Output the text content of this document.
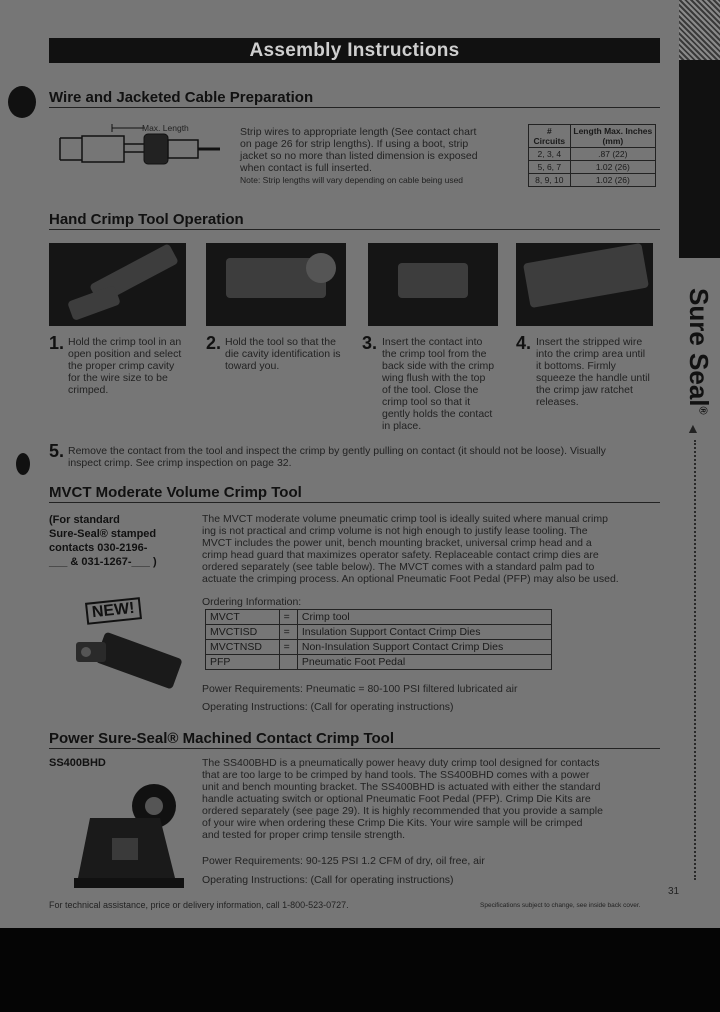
Sure Seal®
▲
Assembly Instructions
Wire and Jacketed Cable Preparation
Max. Length	Strip wires to appropriate length (See contact chart
on page 26 for strip lengths). If using a boot, strip
jacket so no more than listed dimension is exposed
when contact is full inserted.
Note: Strip lengths will vary depending on cable being used
# Circuits	Length Max. Inches (mm)
2, 3, 4	.87 (22)
5, 6, 7	1.02 (26)
8, 9, 10	1.02 (26)
Hand Crimp Tool Operation
1. Hold the crimp tool in an
open position and select
the proper crimp cavity
for the wire size to be
crimped.
2. Hold the tool so that the
die cavity identification is
toward you.
3. Insert the contact into
the crimp tool from the
back side with the crimp
wing flush with the top
of the tool. Close the
crimp tool so that it
gently holds the contact
in place.
4. Insert the stripped wire
into the crimp area until
it bottoms. Firmly
squeeze the handle until
the crimp jaw ratchet
releases.
5. Remove the contact from the tool and inspect the crimp by gently pulling on contact (it should not be loose). Visually
inspect crimp. See crimp inspection on page 32.
MVCT Moderate Volume Crimp Tool
(For standard
Sure-Seal® stamped
contacts 030-2196-
___ & 031-1267-___ )
NEW!
The MVCT moderate volume pneumatic crimp tool is ideally suited where manual crimp
ing is not practical and crimp volume is not high enough to justify lease tooling. The
MVCT includes the power unit, bench mounting bracket, universal crimp head and a
crimp head guard that maximizes operator safety. Replaceable contact crimp dies are
ordered separately (see table below). The MVCT comes with a standard palm pad to
actuate the crimping process. An optional Pneumatic Foot Pedal (PFP) may also be used.
Ordering Information:
MVCT	=	Crimp tool
MVCTISD	=	Insulation Support Contact Crimp Dies
MVCTNSD	=	Non-Insulation Support Contact Crimp Dies
PFP		Pneumatic Foot Pedal
Power Requirements: Pneumatic = 80-100 PSI filtered lubricated air
Operating Instructions: (Call for operating instructions)
Power Sure-Seal® Machined Contact Crimp Tool
SS400BHD	The SS400BHD is a pneumatically power heavy duty crimp tool designed for contacts
that are too large to be crimped by hand tools. The SS400BHD comes with a power
unit and bench mounting bracket. The SS400BHD is actuated with either the standard
handle actuating switch or optional Pneumatic Foot Pedal (PFP). Crimp Die Kits are
ordered separately (see page 29). It is highly recommended that you provide a sample
of your wire when ordering these Crimp Die Kits. Your wire sample will be crimped
and tested for proper crimp tensile strength.
Power Requirements: 90-125 PSI 1.2 CFM of dry, oil free, air
Operating Instructions: (Call for operating instructions)
31
For technical assistance, price or delivery information, call 1-800-523-0727.	Specifications subject to change, see inside back cover.
